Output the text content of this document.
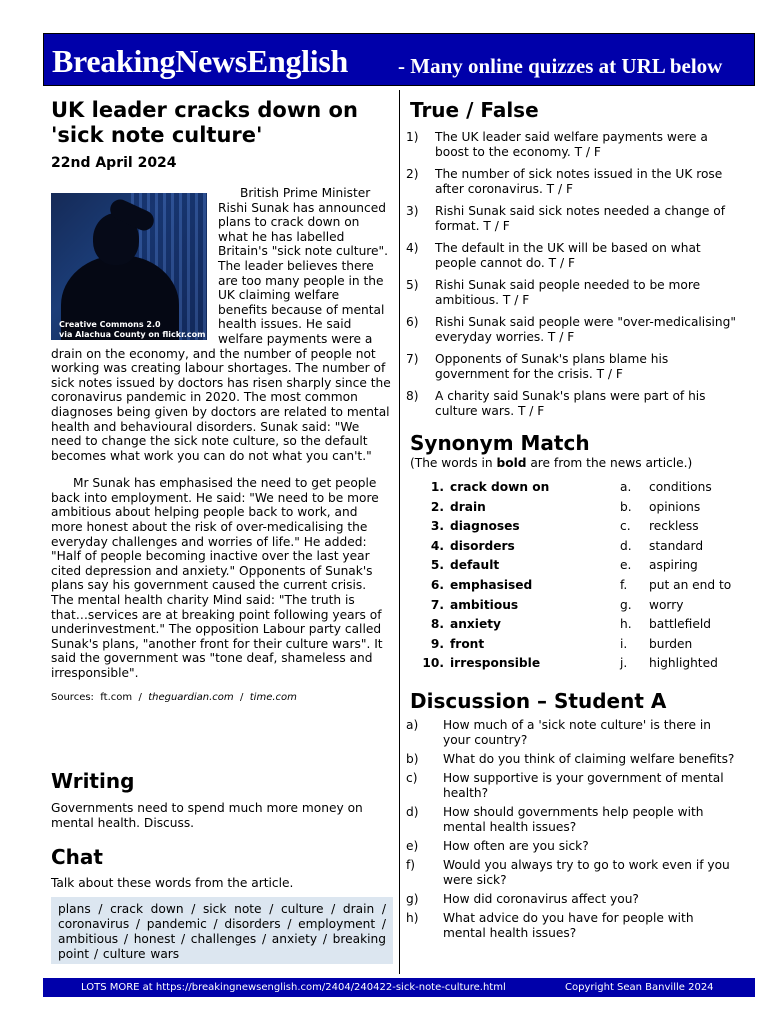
BreakingNewsEnglish - Many online quizzes at URL below
UK leader cracks down on
'sick note culture'
22nd April 2024
Creative Commons 2.0
via Alachua County on flickr.com

British Prime Minister Rishi Sunak has announced plans to crack down on what he has labelled Britain's "sick note culture". The leader believes there are too many people in the UK claiming welfare benefits because of mental health issues. He said welfare payments were a drain on the economy, and the number of people not working was creating labour shortages. The number of sick notes issued by doctors has risen sharply since the coronavirus pandemic in 2020. The most common diagnoses being given by doctors are related to mental health and behavioural disorders. Sunak said: "We need to change the sick note culture, so the default becomes what work you can do not what you can't."

Mr Sunak has emphasised the need to get people back into employment. He said: "We need to be more ambitious about helping people back to work, and more honest about the risk of over-medicalising the everyday challenges and worries of life." He added: "Half of people becoming inactive over the last year cited depression and anxiety." Opponents of Sunak's plans say his government caused the current crisis. The mental health charity Mind said: "The truth is that…services are at breaking point following years of underinvestment." The opposition Labour party called Sunak's plans, "another front for their culture wars". It said the government was "tone deaf, shameless and irresponsible".

Sources: ft.com / theguardian.com / time.com
Writing
Governments need to spend much more money on mental health. Discuss.
Chat
Talk about these words from the article.
plans / crack down / sick note / culture / drain / coronavirus / pandemic / disorders / employment / ambitious / honest / challenges / anxiety / breaking point / culture wars
True / False
1)	The UK leader said welfare payments were a boost to the economy. T / F
2)	The number of sick notes issued in the UK rose after coronavirus. T / F
3)	Rishi Sunak said sick notes needed a change of format. T / F
4)	The default in the UK will be based on what people cannot do. T / F
5)	Rishi Sunak said people needed to be more ambitious. T / F
6)	Rishi Sunak said people were "over-medicalising" everyday worries. T / F
7)	Opponents of Sunak's plans blame his government for the crisis. T / F
8)	A charity said Sunak's plans were part of his culture wars. T / F
Synonym Match
(The words in bold are from the news article.)
1. crack down on	a. conditions
2. drain	b. opinions
3. diagnoses	c. reckless
4. disorders	d. standard
5. default	e. aspiring
6. emphasised	f. put an end to
7. ambitious	g. worry
8. anxiety	h. battlefield
9. front	i. burden
10. irresponsible	j. highlighted
Discussion – Student A
a)	How much of a 'sick note culture' is there in your country?
b)	What do you think of claiming welfare benefits?
c)	How supportive is your government of mental health?
d)	How should governments help people with mental health issues?
e)	How often are you sick?
f)	Would you always try to go to work even if you were sick?
g)	How did coronavirus affect you?
h)	What advice do you have for people with mental health issues?
LOTS MORE at https://breakingnewsenglish.com/2404/240422-sick-note-culture.html	Copyright Sean Banville 2024
